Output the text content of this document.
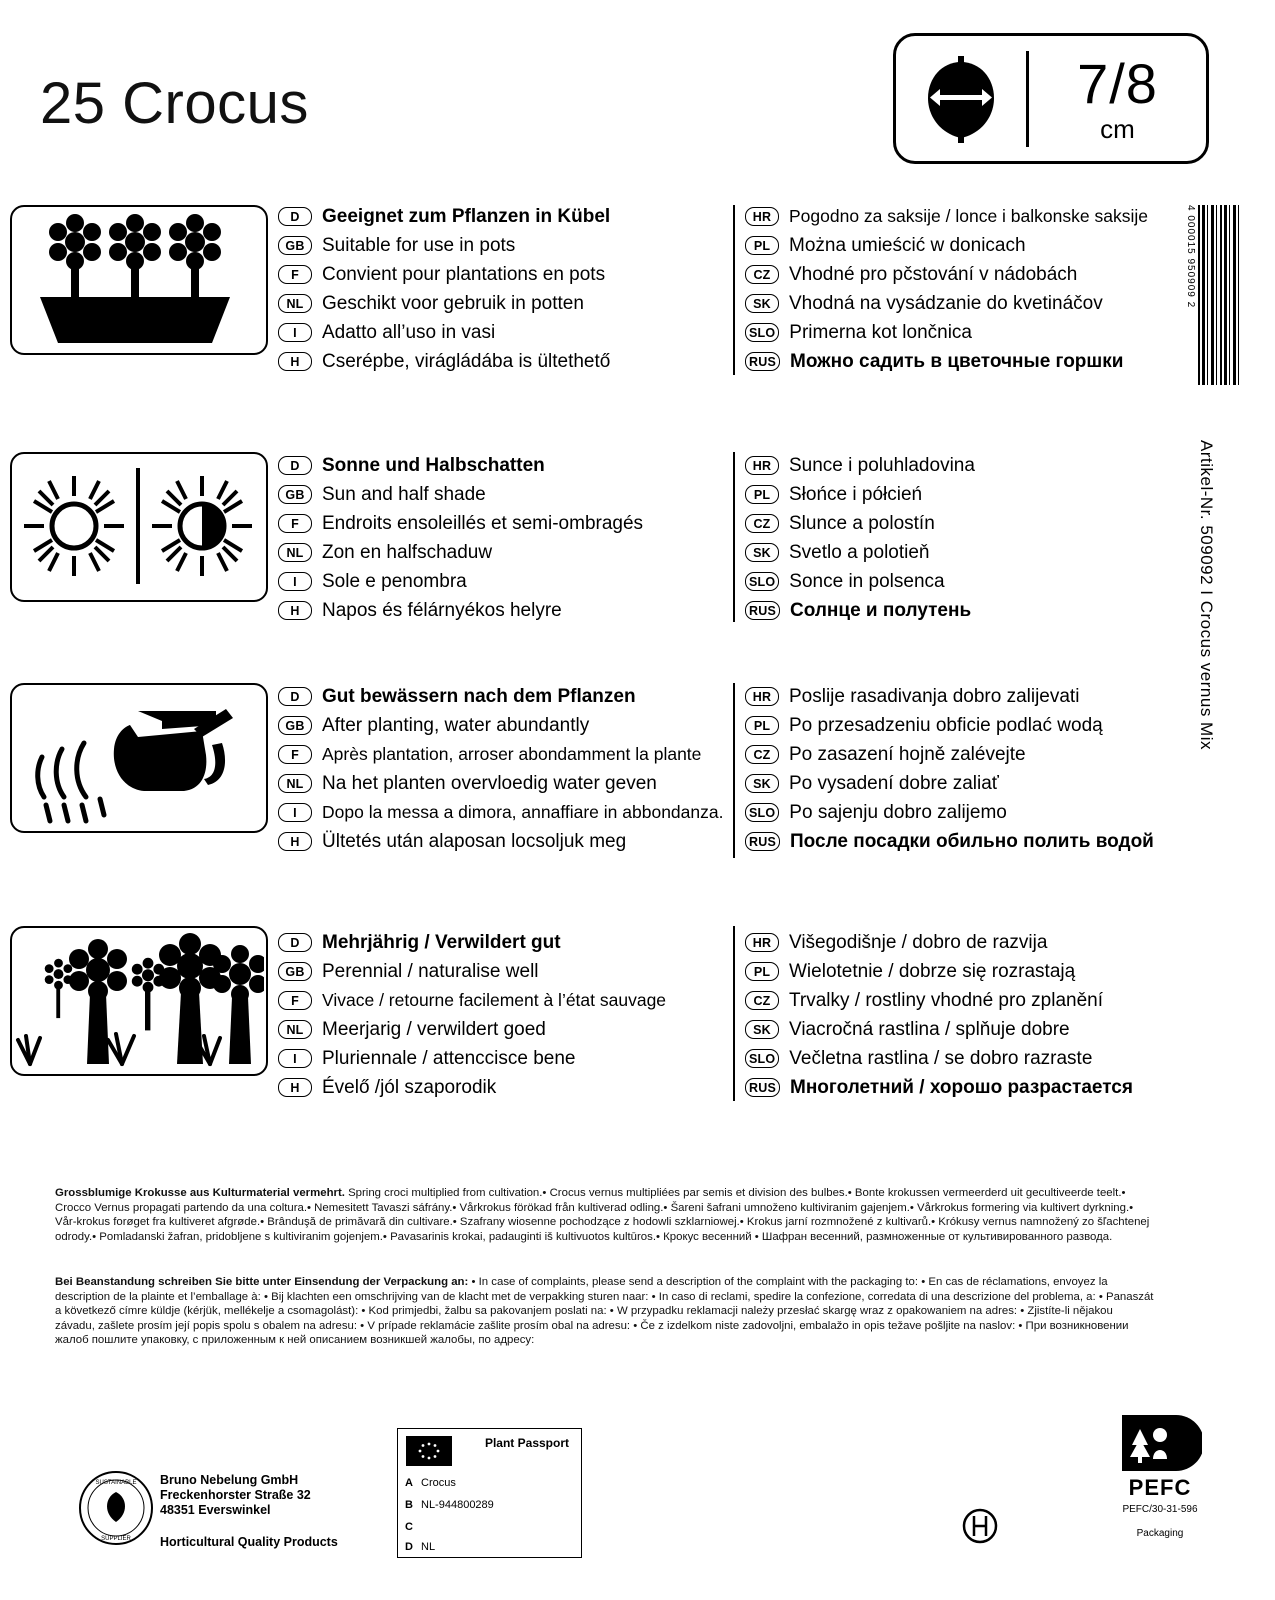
25 Crocus	7/8
cm
4 000015 950909 2
Artikel-Nr. 509092 I Crocus vernus Mix
D	Geeignet zum Pflanzen in Kübel
GB Suitable for use in pots
F	Convient pour plantations en pots
NL Geschikt voor gebruik in potten
I	Adatto all’uso in vasi
H	Cserépbe, virágládába is ültethető
HR	Pogodno za saksije / lonce i balkonske saksije
PL Można umieścić w donicach
CZ Vhodné pro pčstování v nádobách
SK Vhodná na vysádzanie do kvetináčov
SLO Primerna kot lončnica
RUS Можно садить в цветочные горшки
D	Sonne und Halbschatten
GB Sun and half shade
F	Endroits ensoleillés et semi-ombragés
NL Zon en halfschaduw
I	Sole e penombra
H	Napos és félárnyékos helyre
HR Sunce i poluhladovina
PL Słońce i półcień
CZ Slunce a polostín
SK Svetlo a polotieň
SLO Sonce in polsenca
RUS Солнце и полутень
D	Gut bewässern nach dem Pflanzen
GB After planting, water abundantly
F	Après plantation, arroser abondamment la plante
NL Na het planten overvloedig water geven
I	Dopo la messa a dimora, annaffiare in abbondanza.
H	Ültetés után alaposan locsoljuk meg
HR Poslije rasadivanja dobro zalijevati
PL Po przesadzeniu obficie podlać wodą
CZ Po zasazení hojně zalévejte
SK Po vysadení dobre zaliať
SLO Po sajenju dobro zalijemo
RUS После посадки обильно полить водой
D	Mehrjährig / Verwildert gut
GB Perennial / naturalise well
F	Vivace / retourne facilement à l’état sauvage
NL Meerjarig / verwildert goed
I	Pluriennale / attenccisce bene
H	Évelő /jól szaporodik
HR Višegodišnje / dobro de razvija
PL Wielotetnie / dobrze się rozrastają
CZ Trvalky / rostliny vhodné pro zplanění
SK Viacročná rastlina / splňuje dobre
SLO Večletna rastlina / se dobro razraste
RUS Многолетний / хорошо разрастается
Grossblumige Krokusse aus Kulturmaterial vermehrt. Spring croci multiplied from cultivation.• Crocus vernus multipliées par semis et division des bulbes.• Bonte krokussen vermeerderd uit gecultiveerde teelt.• Crocco Vernus propagati partendo da una coltura.• Nemesitett Tavaszi sáfrány.• Vårkrokus förökad från kultiverad odling.• Šareni šafrani umnoženo kultiviranim gajenjem.• Vårkrokus formering via kultivert dyrkning.• Vår-krokus forøget fra kultiveret afgrøde.• Brânduşă de primăvară din cultivare.• Szafrany wiosenne pochodzące z hodowli szklarniowej.• Krokus jarní rozmnožené z kultivarů.• Krókusy vernus namnožený zo šľachtenej odrody.• Pomladanski žafran, pridobljene s kultiviranim gojenjem.• Pavasarinis krokai, padauginti iš kultivuotos kultūros.• Крокус весенний • Шафран весенний, размноженные от культивированного развода.
Bei Beanstandung schreiben Sie bitte unter Einsendung der Verpackung an: • In case of complaints, please send a description of the complaint with the packaging to: • En cas de réclamations, envoyez la description de la plainte et l’emballage à: • Bij klachten een omschrijving van de klacht met de verpakking sturen naar: • In caso di reclami, spedire la confezione, corredata di una descrizione del problema, a: • Panaszát a következő címre küldje (kérjük, mellékelje a csomagolást): • Kod primjedbi, žalbu sa pakovanjem poslati na: • W przypadku reklamacji należy przesłać skargę wraz z opakowaniem na adres: • Zjistíte-li nějakou závadu, zašlete prosím její popis spolu s obalem na adresu: • V prípade reklamácie zašlite prosím obal na adresu: • Če z izdelkom niste zadovoljni, embalažo in opis težave pošljite na naslov: • При возникновении жалоб пошлите упаковку, с приложенным к ней описанием возникшей жалобы, по адресу:
SUSTAINABLE
SUPPLIER
Bruno Nebelung GmbH
Freckenhorster Straße 32
48351 Everswinkel
Horticultural Quality Products
Plant Passport
A Crocus
B NL-944800289
C
D NL
PEFC
PEFC/30-31-596
Packaging
